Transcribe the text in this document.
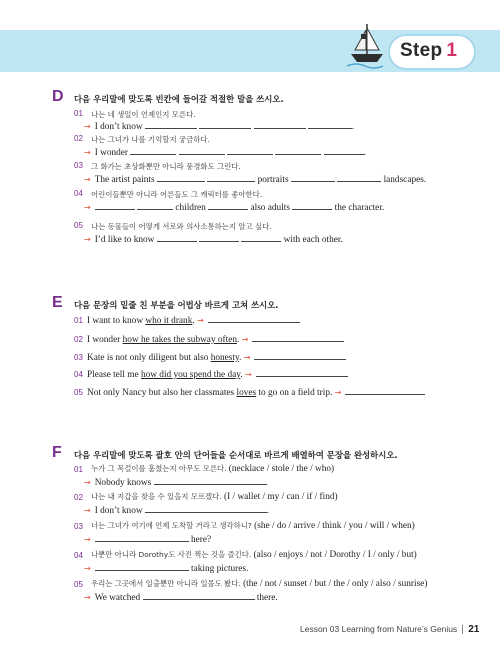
Step 1
D 다음 우리말에 맞도록 빈칸에 들어갈 적절한 말을 쓰시오.
01 나는 네 생일이 언제인지 모른다.
→ I don’t know	.
02 나는 그녀가 나를 기억할지 궁금하다.
→ I wonder	.
03 그 화가는 초상화뿐만 아니라 풍경화도 그린다.
→ The artist paints	portraits	landscapes.
04 어린이들뿐만 아니라 어른들도 그 캐릭터를 좋아한다.
→	children	also adults	the character.
05 나는 동물들이 어떻게 서로와 의사소통하는지 알고 싶다.
→ I’d like to know	with each other.
E 다음 문장의 밑줄 친 부분을 어법상 바르게 고쳐 쓰시오.
01 I want to know who it drank. →
02 I wonder how he takes the subway often. →
03 Kate is not only diligent but also honesty. →
04 Please tell me how did you spend the day. →
05 Not only Nancy but also her classmates loves to go on a field trip. →
F 다음 우리말에 맞도록 괄호 안의 단어들을 순서대로 바르게 배열하여 문장을 완성하시오.
01 누가 그 목걸이를 훔쳤는지 아무도 모른다. (necklace / stole / the / who)
→ Nobody knows	.
02 나는 내 지갑을 찾을 수 있을지 모르겠다. (I / wallet / my / can / if / find)
→ I don’t know	.
03 너는 그녀가 여기에 언제 도착할 거라고 생각하니? (she / do / arrive / think / you / will / when)
→	here?
04 나뿐만 아니라 Dorothy도 사진 찍는 것을 즐긴다. (also / enjoys / not / Dorothy / I / only / but)
→	taking pictures.
05 우리는 그곳에서 일출뿐만 아니라 일몰도 봤다. (the / not / sunset / but / the / only / also / sunrise)
→ We watched	there.
Lesson 03 Learning from Nature’s Genius 21
